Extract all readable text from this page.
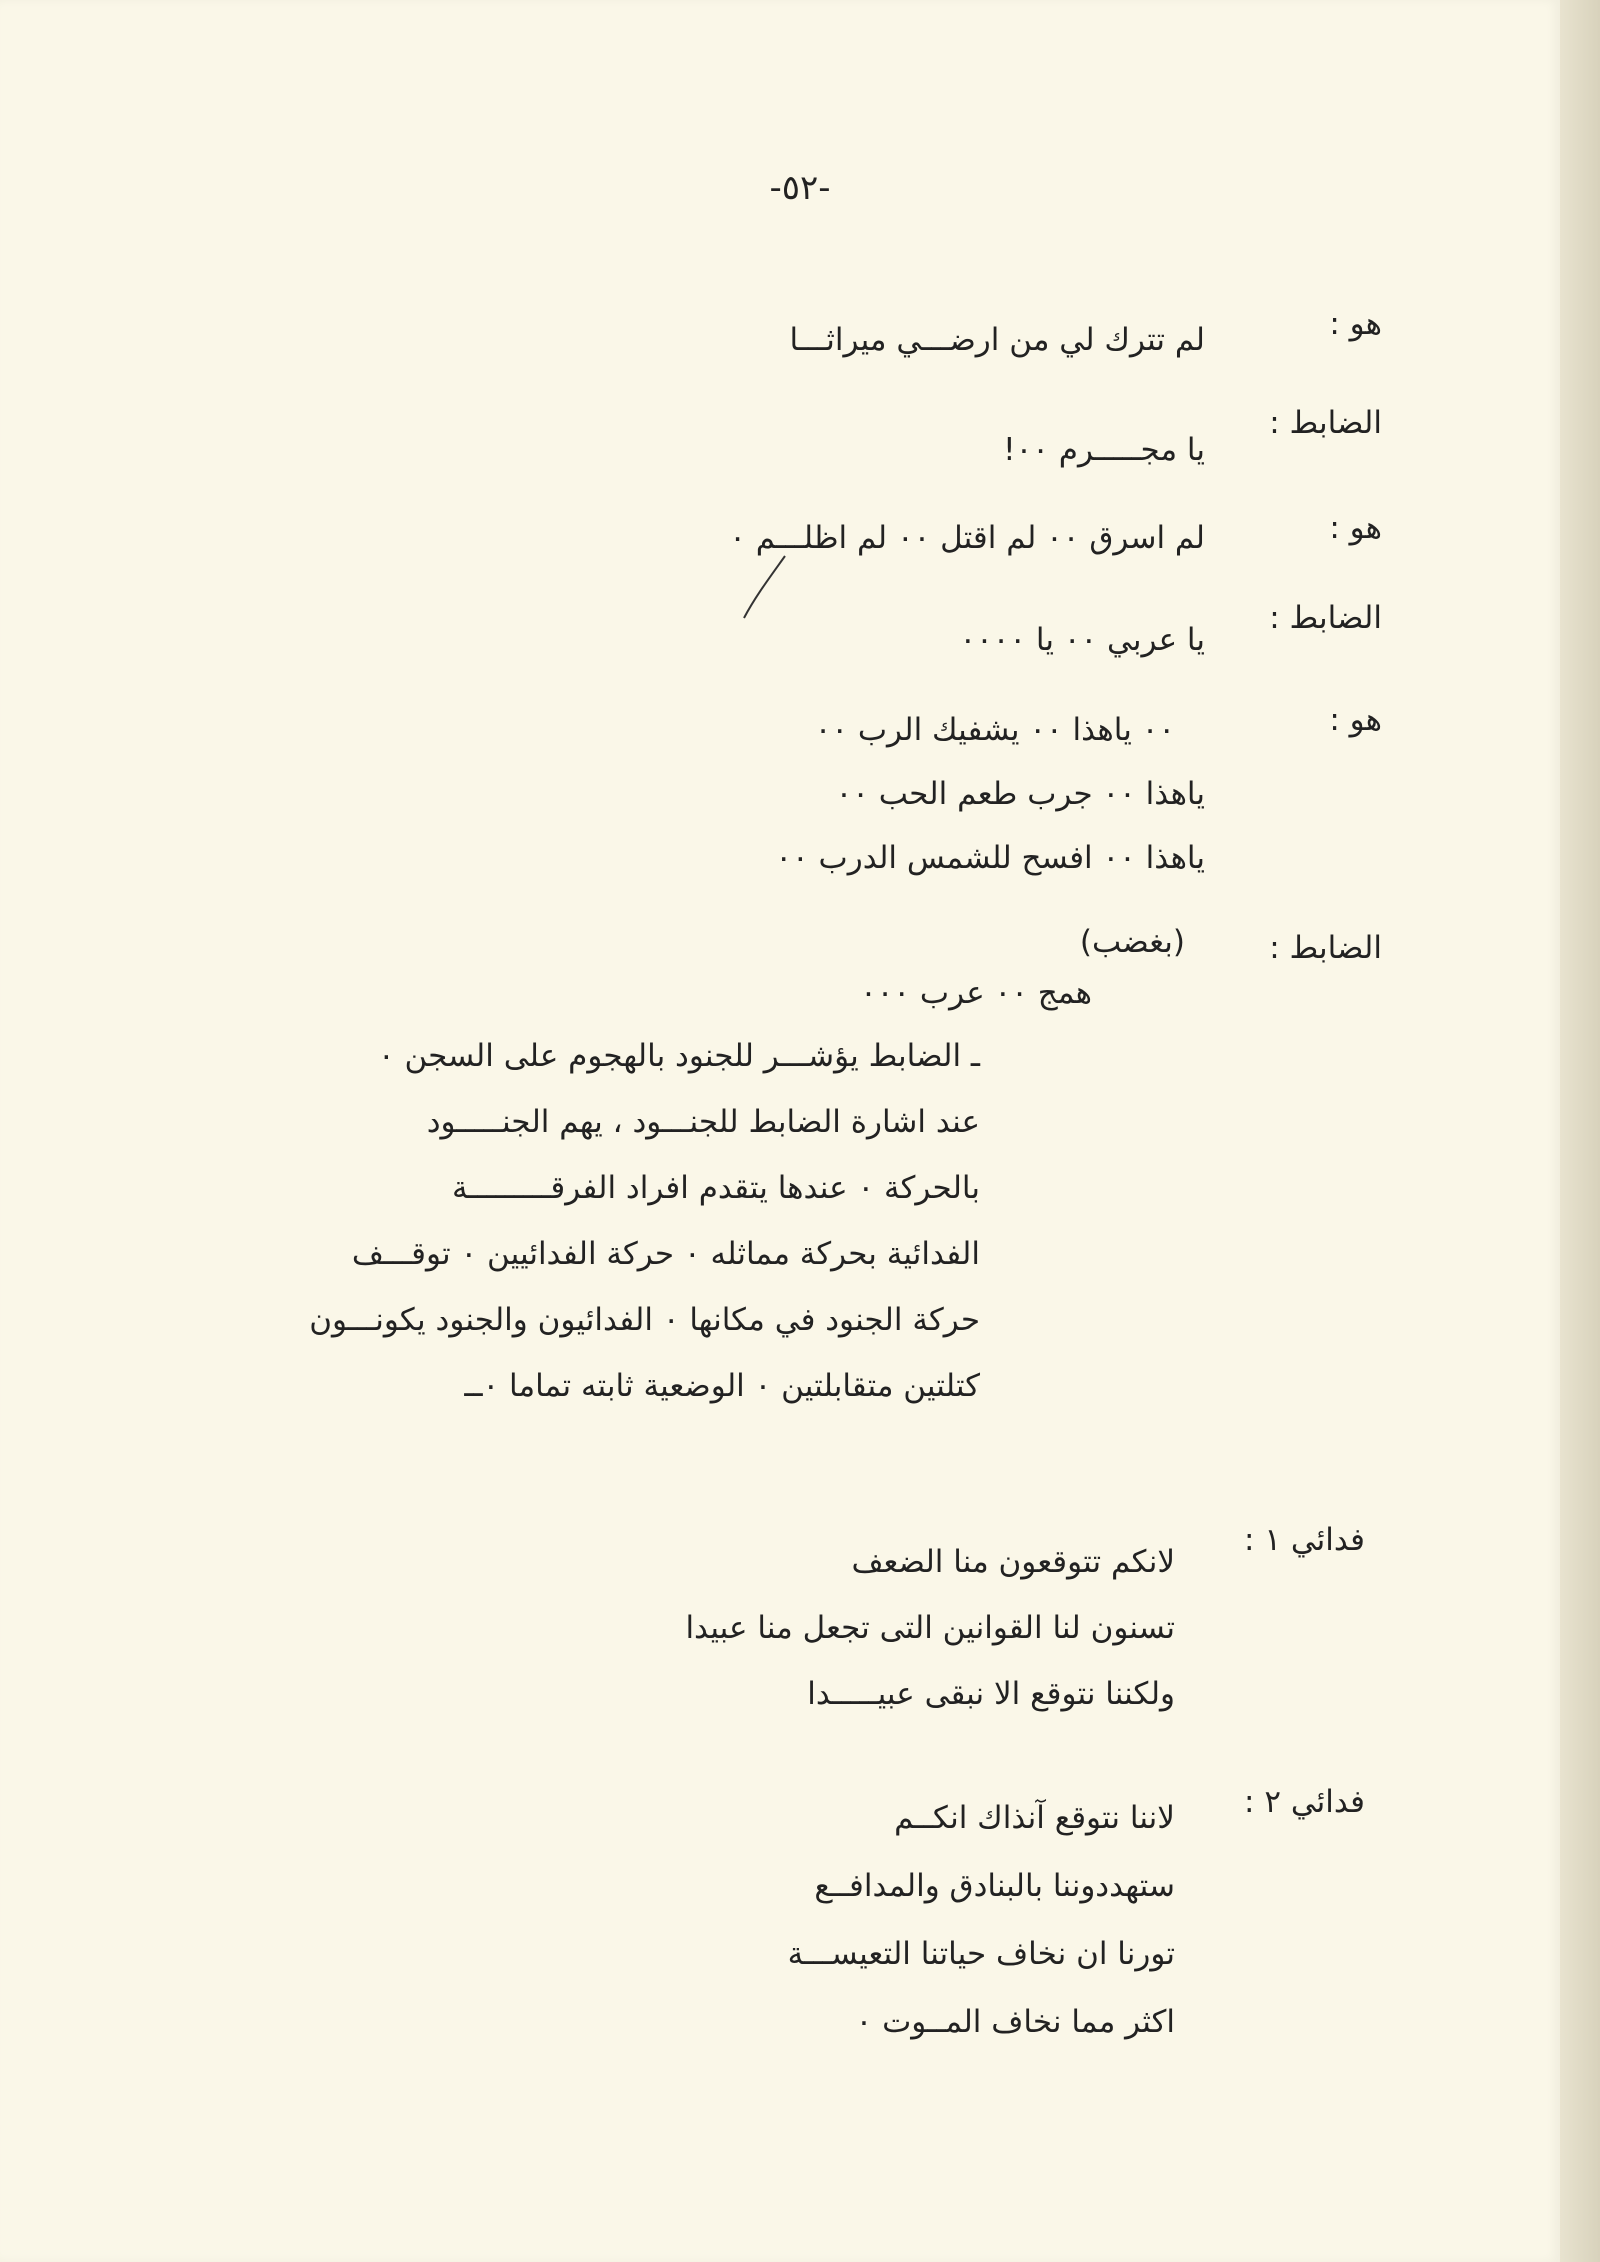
-٥٢-
هو :
لم تترك لي من ارضـــي ميراثـــا
الضابط :
يا مجـــــرم ٠٠!
هو :
لم اسرق ٠٠ لم اقتل ٠٠ لم اظلـــم ٠
الضابط :
يا عربي ٠٠ يا ٠٠٠٠
هو :
٠٠ ياهذا ٠٠ يشفيك الرب ٠٠
ياهذا ٠٠ جرب طعم الحب ٠٠
ياهذا ٠٠ افسح للشمس الدرب ٠٠
الضابط :
(بغضب)
همج ٠٠ عرب ٠٠٠
ـ الضابط يؤشـــر للجنود بالهجوم على السجن ٠
عند اشارة الضابط للجنـــود ، يهم الجنـــــود
بالحركة ٠ عندها يتقدم افراد الفرقـــــــــة
الفدائية بحركة مماثله ٠ حركة الفدائيين ٠ توقـــف
حركة الجنود في مكانها ٠ الفدائيون والجنود يكونـــون
كتلتين متقابلتين ٠ الوضعية ثابته تماما ٠ــ
فدائي ١ :
لانكم تتوقعون منا الضعف
تسنون لنا القوانين التى تجعل منا عبيدا
ولكننا نتوقع الا نبقى عبيـــــدا
فدائي ٢ :
لاننا نتوقع آنذاك انكــم
ستهددوننا بالبنادق والمدافــع
تورنا ان نخاف حياتنا التعيســـة
اكثر مما نخاف المــوت ٠
